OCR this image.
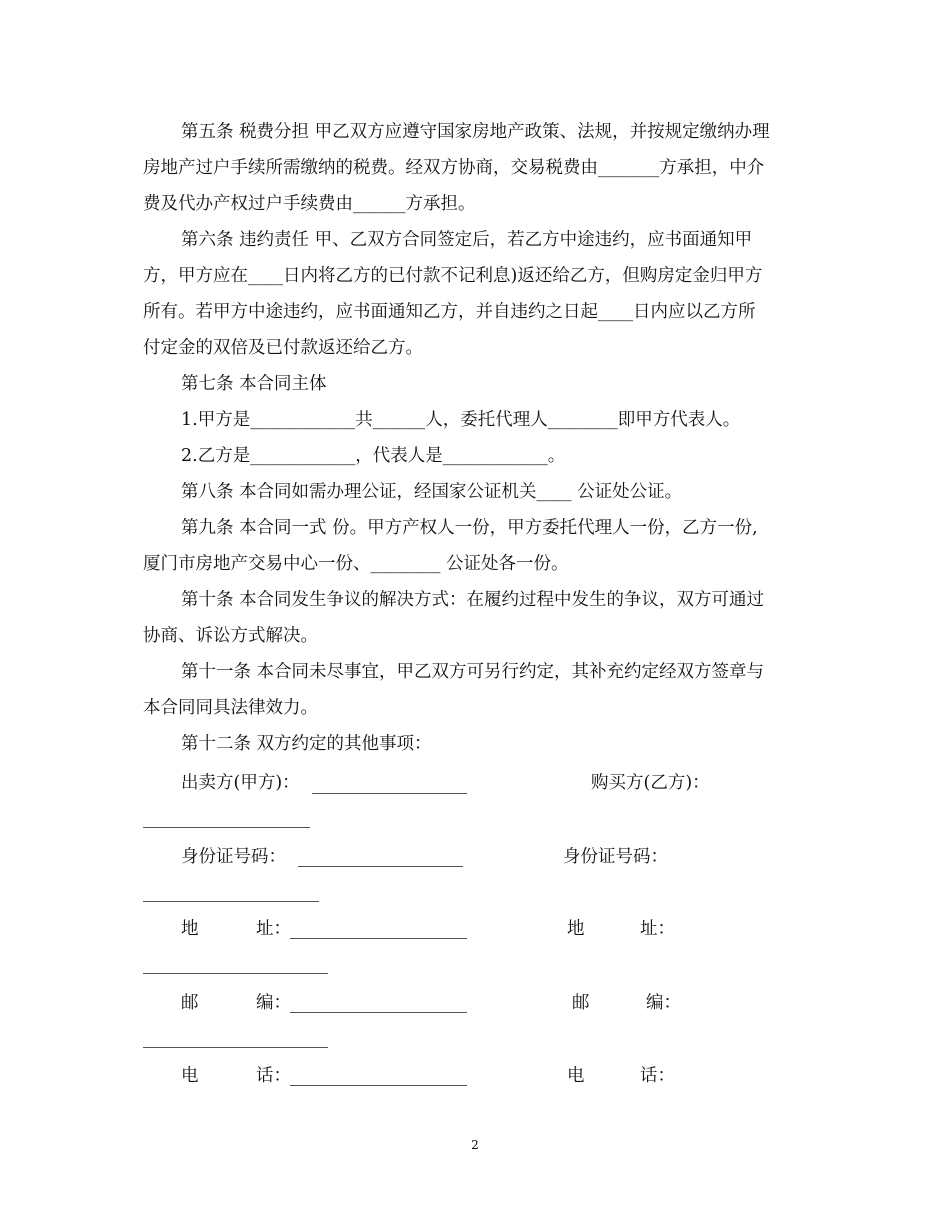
第五条 税费分担 甲乙双方应遵守国家房地产政策、法规，并按规定缴纳办理
房地产过户手续所需缴纳的税费。经双方协商，交易税费由_______方承担，中介
费及代办产权过户手续费由______方承担。
第六条 违约责任 甲、乙双方合同签定后，若乙方中途违约，应书面通知甲
方，甲方应在____日内将乙方的已付款不记利息)返还给乙方，但购房定金归甲方
所有。若甲方中途违约，应书面通知乙方，并自违约之日起____日内应以乙方所
付定金的双倍及已付款返还给乙方。
第七条 本合同主体
1.甲方是____________共______人，委托代理人________即甲方代表人。
2.乙方是____________，代表人是____________。
第八条 本合同如需办理公证，经国家公证机关____ 公证处公证。
第九条 本合同一式 份。甲方产权人一份，甲方委托代理人一份，乙方一份,
厦门市房地产交易中心一份、________ 公证处各一份。
第十条 本合同发生争议的解决方式：在履约过程中发生的争议，双方可通过
协商、诉讼方式解决。
第十一条 本合同未尽事宜，甲乙双方可另行约定，其补充约定经双方签章与
本合同同具法律效力。
第十二条 双方约定的其他事项：
出卖方(甲方)：	购买方(乙方)：
身份证号码：	身份证号码：
地	址：	地	址：
邮	编：	邮	编：
电	话：	电	话：
2
